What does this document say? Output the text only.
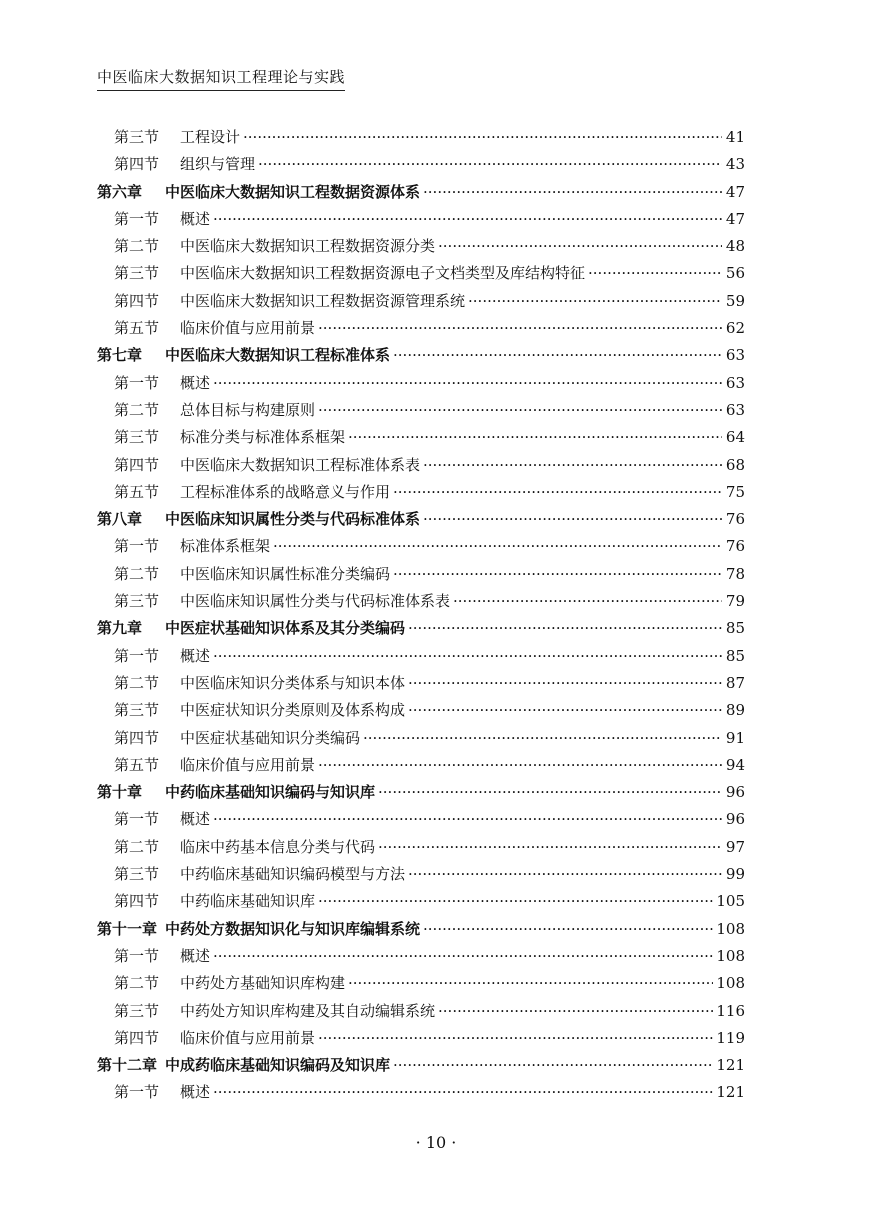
中医临床大数据知识工程理论与实践
第三节	工程设计 ·····	41
第四节	组织与管理 ·····	43
第六章	中医临床大数据知识工程数据资源体系 ·····	47
第一节	概述 ·····	47
第二节	中医临床大数据知识工程数据资源分类 ·····	48
第三节	中医临床大数据知识工程数据资源电子文档类型及库结构特征 ·····	56
第四节	中医临床大数据知识工程数据资源管理系统 ·····	59
第五节	临床价值与应用前景 ·····	62
第七章	中医临床大数据知识工程标准体系 ·····	63
第一节	概述 ·····	63
第二节	总体目标与构建原则 ·····	63
第三节	标准分类与标准体系框架 ·····	64
第四节	中医临床大数据知识工程标准体系表 ·····	68
第五节	工程标准体系的战略意义与作用 ·····	75
第八章	中医临床知识属性分类与代码标准体系 ·····	76
第一节	标准体系框架 ·····	76
第二节	中医临床知识属性标准分类编码 ·····	78
第三节	中医临床知识属性分类与代码标准体系表 ·····	79
第九章	中医症状基础知识体系及其分类编码 ·····	85
第一节	概述 ·····	85
第二节	中医临床知识分类体系与知识本体 ·····	87
第三节	中医症状知识分类原则及体系构成 ·····	89
第四节	中医症状基础知识分类编码 ·····	91
第五节	临床价值与应用前景 ·····	94
第十章	中药临床基础知识编码与知识库 ·····	96
第一节	概述 ·····	96
第二节	临床中药基本信息分类与代码 ·····	97
第三节	中药临床基础知识编码模型与方法 ·····	99
第四节	中药临床基础知识库 ·····	105
第十一章 中药处方数据知识化与知识库编辑系统 ·····	108
第一节	概述 ·····	108
第二节	中药处方基础知识库构建 ·····	108
第三节	中药处方知识库构建及其自动编辑系统 ·····	116
第四节	临床价值与应用前景 ·····	119
第十二章 中成药临床基础知识编码及知识库 ·····	121
第一节	概述 ·····	121
· 10 ·
